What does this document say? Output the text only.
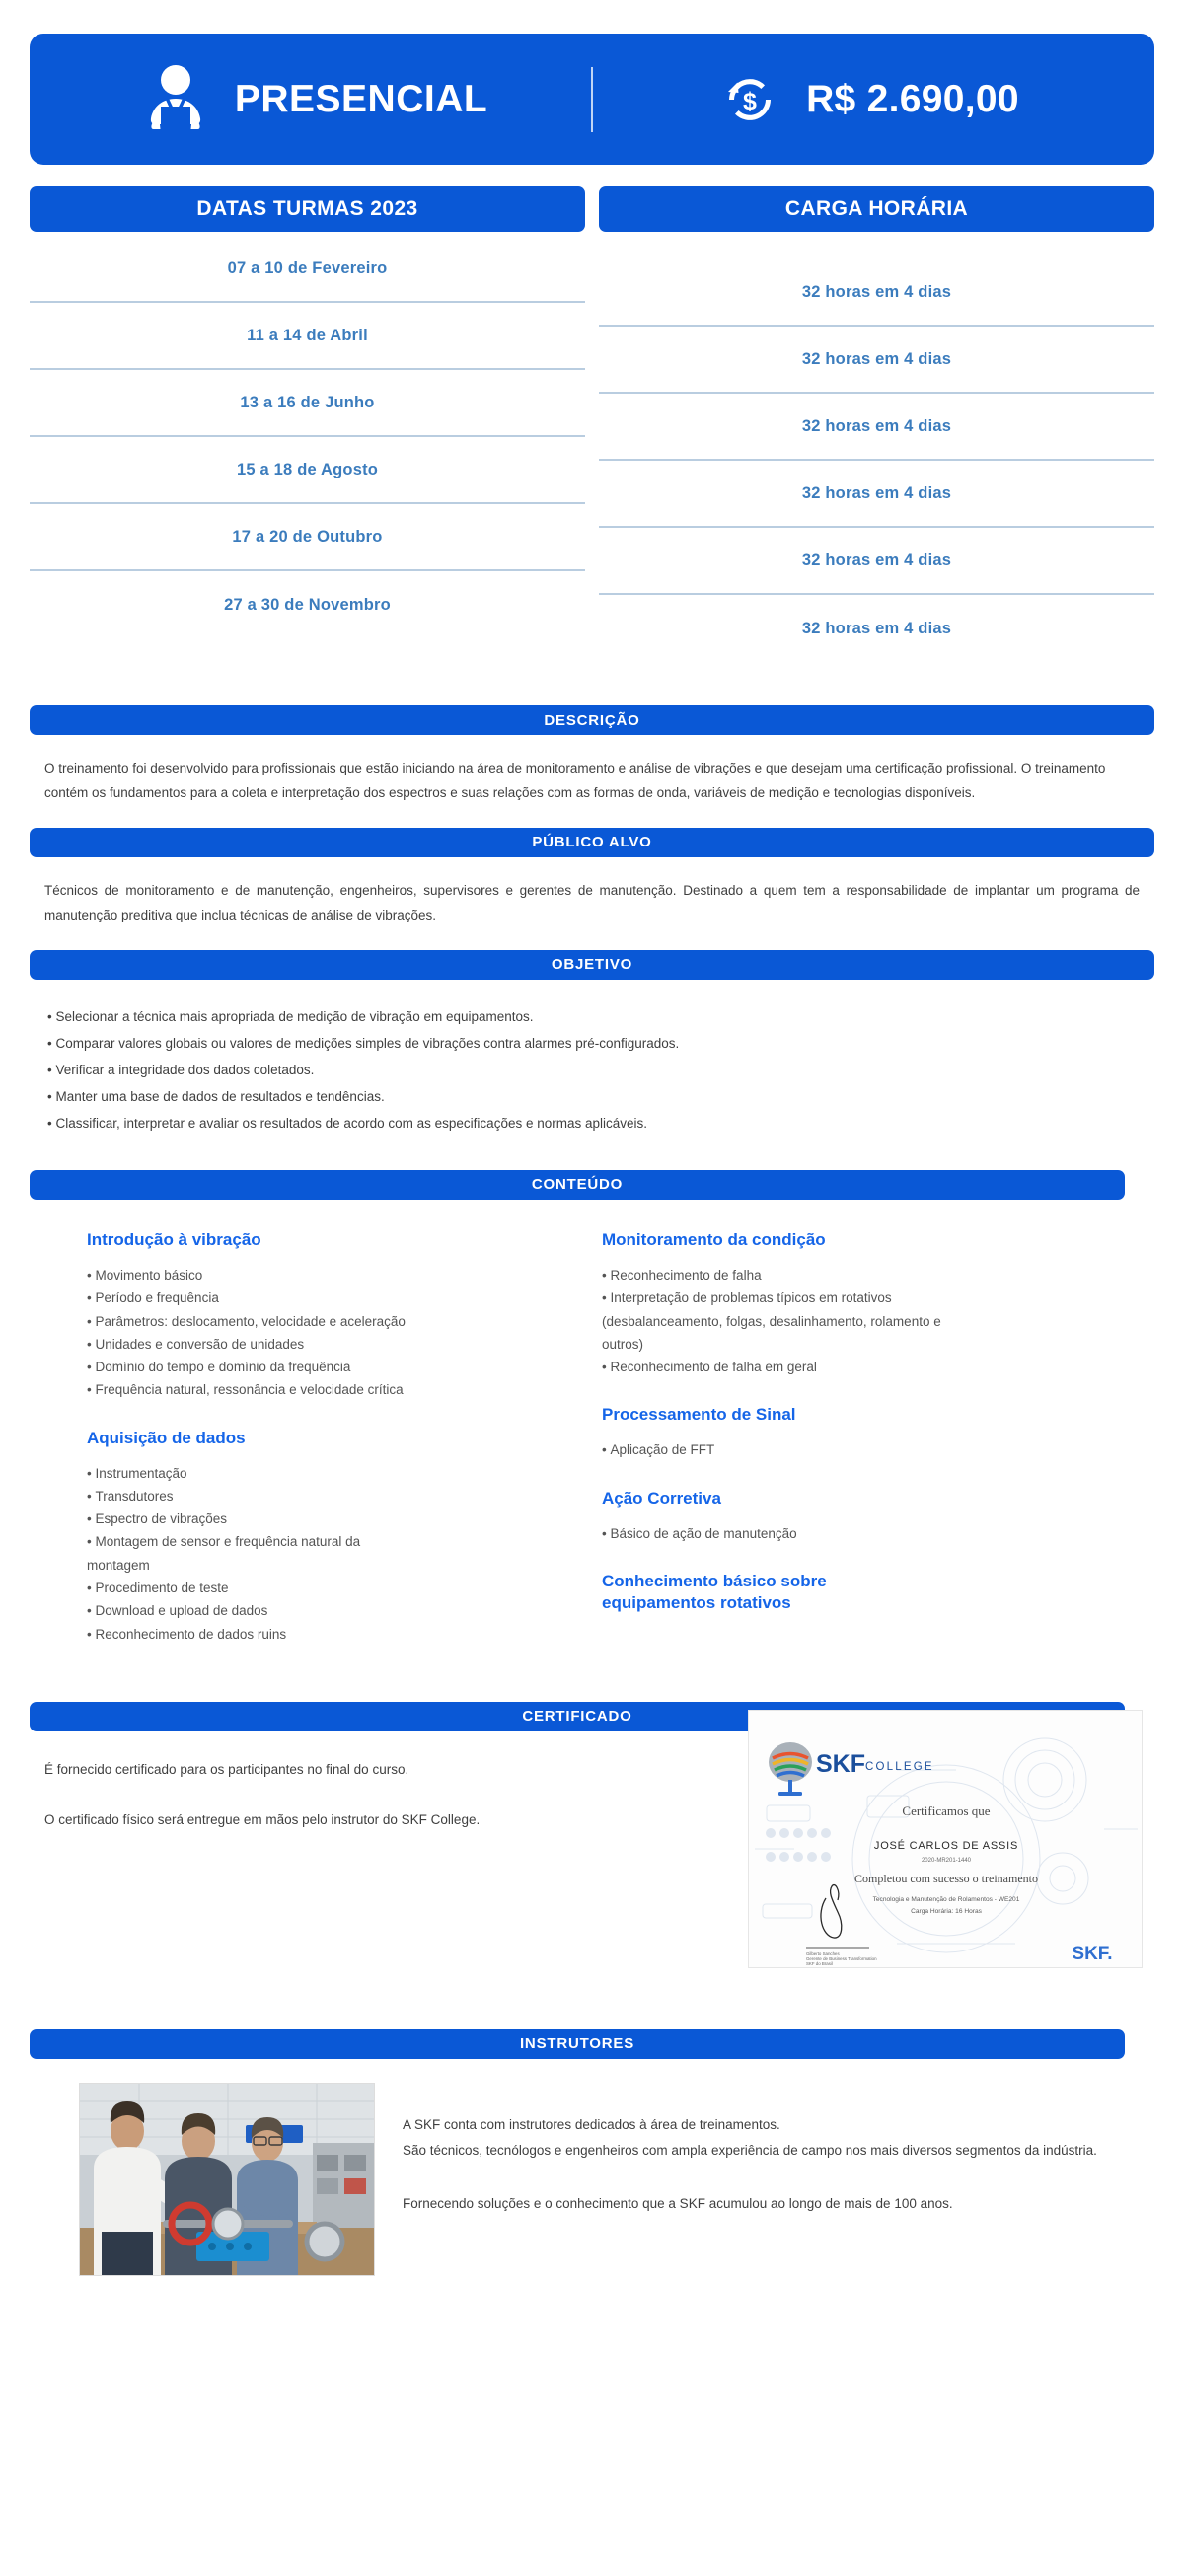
PRESENCIAL	$ R$ 2.690,00
DATAS TURMAS 2023
07 a 10 de Fevereiro
11 a 14 de Abril
13 a 16 de Junho
15 a 18 de Agosto
17 a 20 de Outubro
27 a 30 de Novembro
CARGA HORÁRIA
32 horas em 4 dias
32 horas em 4 dias
32 horas em 4 dias
32 horas em 4 dias
32 horas em 4 dias
32 horas em 4 dias
DESCRIÇÃO
O treinamento foi desenvolvido para profissionais que estão iniciando na área de monitoramento e análise de vibrações e que desejam uma certificação profissional. O treinamento contém os fundamentos para a coleta e interpretação dos espectros e suas relações com as formas de onda, variáveis de medição e tecnologias disponíveis.
PÚBLICO ALVO
Técnicos de monitoramento e de manutenção, engenheiros, supervisores e gerentes de manutenção. Destinado a quem tem a responsabilidade de implantar um programa de manutenção preditiva que inclua técnicas de análise de vibrações.
OBJETIVO
• Selecionar a técnica mais apropriada de medição de vibração em equipamentos.
• Comparar valores globais ou valores de medições simples de vibrações contra alarmes pré-configurados.
• Verificar a integridade dos dados coletados.
• Manter uma base de dados de resultados e tendências.
• Classificar, interpretar e avaliar os resultados de acordo com as especificações e normas aplicáveis.
CONTEÚDO
Introdução à vibração
• Movimento básico
• Período e frequência
• Parâmetros: deslocamento, velocidade e aceleração
• Unidades e conversão de unidades
• Domínio do tempo e domínio da frequência
• Frequência natural, ressonância e velocidade crítica
Aquisição de dados
• Instrumentação
• Transdutores
• Espectro de vibrações
• Montagem de sensor e frequência natural da
montagem
• Procedimento de teste
• Download e upload de dados
• Reconhecimento de dados ruins
Monitoramento da condição
• Reconhecimento de falha
• Interpretação de problemas típicos em rotativos
(desbalanceamento, folgas, desalinhamento, rolamento e
outros)
• Reconhecimento de falha em geral
Processamento de Sinal
• Aplicação de FFT
Ação Corretiva
• Básico de ação de manutenção
Conhecimento básico sobre equipamentos rotativos
CERTIFICADO

É fornecido certificado para os participantes no final do curso.

O certificado físico será entregue em mãos pelo instrutor do SKF College.

SKF COLLEGE
Certificamos que
JOSÉ CARLOS DE ASSIS
2020-MR201-1440
Completou com sucesso o treinamento
Tecnologia e Manutenção de Rolamentos - WE201
Carga Horária: 16 Horas
Gilberto Sanches
Gerente de Business Transformation
SKF do Brasil	SKF.
INSTRUTORES

A SKF conta com instrutores dedicados à área de treinamentos.
São técnicos, tecnólogos e engenheiros com ampla experiência de campo nos mais diversos segmentos da indústria.

Fornecendo soluções e o conhecimento que a SKF acumulou ao longo de mais de 100 anos.
